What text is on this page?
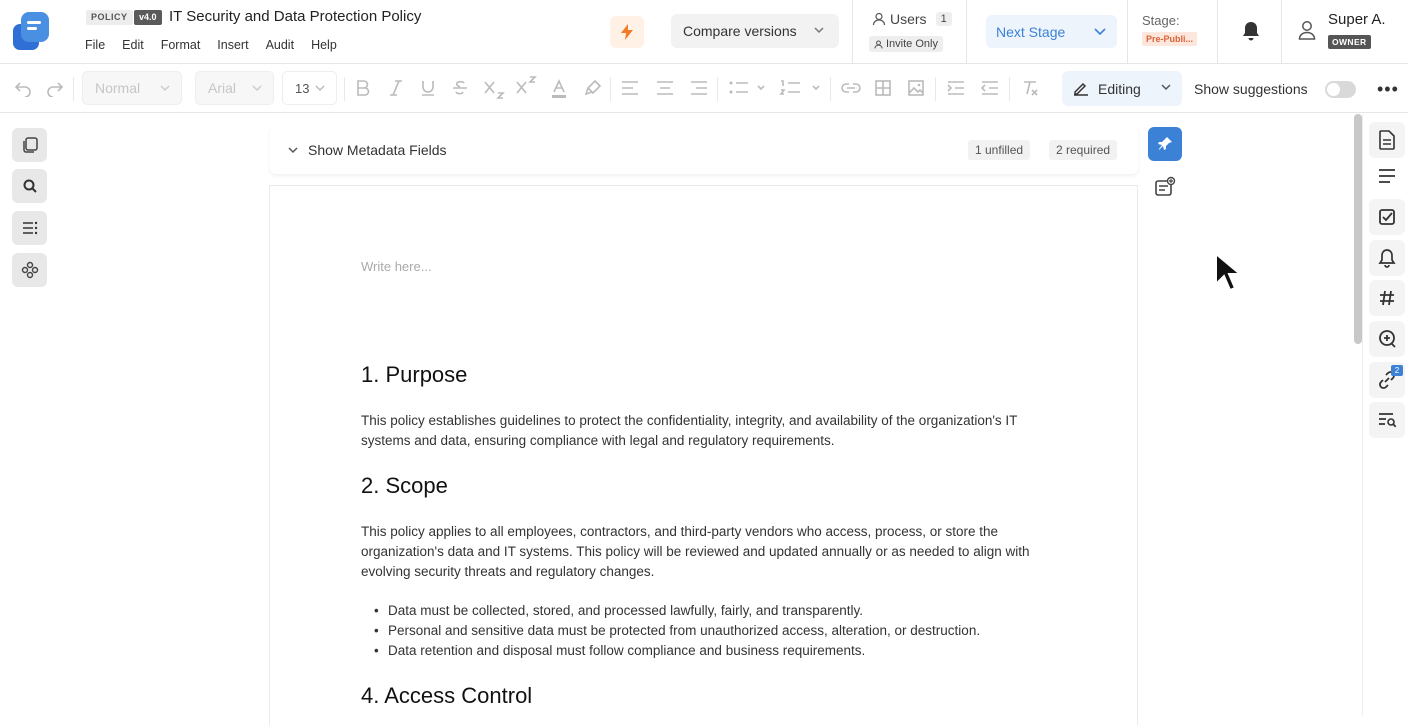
POLICY	v4.0 IT Security and Data Protection Policy
File Edit Format Insert Audit Help
Compare versions
Users	1
Invite Only
Next Stage
Stage:
Pre-Publi...
Super A.
OWNER
Normal	Arial	13	Editing	Show suggestions	•••
Show Metadata Fields	1 unfilled	2 required
Write here...
1. Purpose
This policy establishes guidelines to protect the confidentiality, integrity, and availability of the organization's IT systems and data, ensuring compliance with legal and regulatory requirements.
2. Scope
This policy applies to all employees, contractors, and third-party vendors who access, process, or store the organization's data and IT systems. This policy will be reviewed and updated annually or as needed to align with evolving security threats and regulatory changes.
• Data must be collected, stored, and processed lawfully, fairly, and transparently.
• Personal and sensitive data must be protected from unauthorized access, alteration, or destruction.
• Data retention and disposal must follow compliance and business requirements.
4. Access Control
2
